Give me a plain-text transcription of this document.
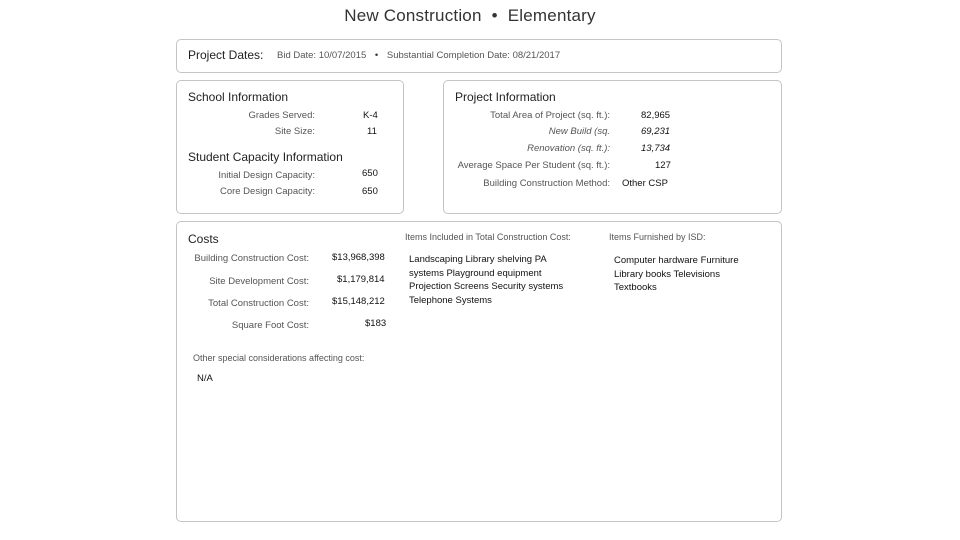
New Construction • Elementary
Project Dates: Bid Date: 10/07/2015 • Substantial Completion Date: 08/21/2017
School Information
Grades Served:	K-4
Site Size:	11
Student Capacity Information
Initial Design Capacity:	650
Core Design Capacity:	650
Project Information
Total Area of Project (sq. ft.):	82,965
New Build (sq.	69,231
Renovation (sq. ft.):	13,734
Average Space Per Student (sq. ft.):	127
Building Construction Method: Other CSP
Costs
Building Construction Cost: $13,968,398
Site Development Cost:	$1,179,814
Total Construction Cost: $15,148,212
Square Foot Cost:	$183
Items Included in Total Construction Cost:
Landscaping Library shelving PA
systems Playground equipment
Projection Screens Security systems
Telephone Systems
Items Furnished by ISD:
Computer hardware Furniture
Library books Televisions
Textbooks
Other special considerations affecting cost:
N/A
